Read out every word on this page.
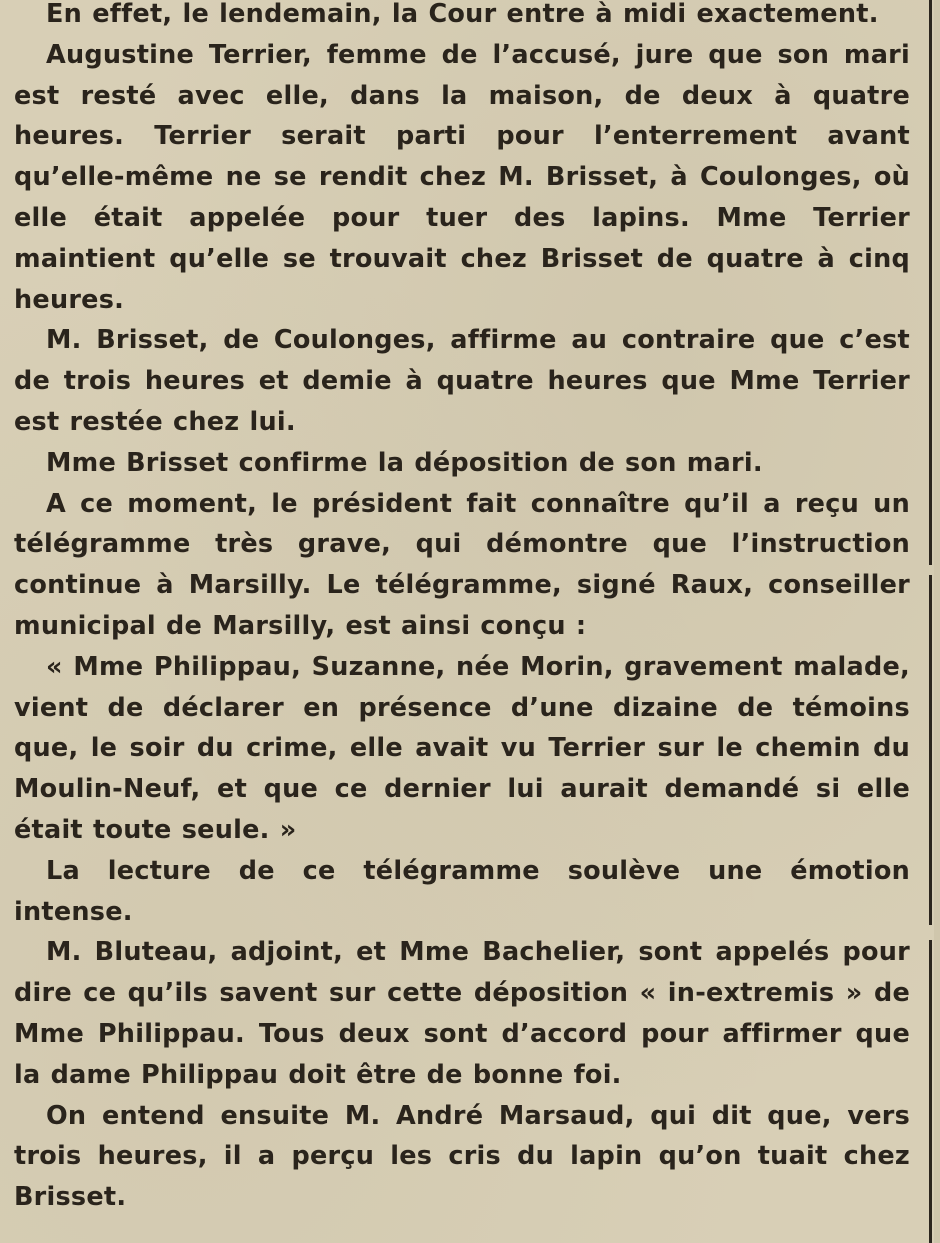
En effet, le lendemain, la Cour entre à midi exactement.

Augustine Terrier, femme de l’accusé, jure que son mari est resté avec elle, dans la maison, de deux à quatre heures. Terrier serait parti pour l’enterrement avant qu’elle-même ne se rendit chez M. Brisset, à Coulonges, où elle était appelée pour tuer des lapins. Mme Terrier maintient qu’elle se trouvait chez Brisset de quatre à cinq heures.

M. Brisset, de Coulonges, affirme au contraire que c’est de trois heures et demie à quatre heures que Mme Terrier est restée chez lui.

Mme Brisset confirme la déposition de son mari.

A ce moment, le président fait connaître qu’il a reçu un télégramme très grave, qui démontre que l’instruction continue à Marsilly. Le télégramme, signé Raux, conseiller municipal de Marsilly, est ainsi conçu :

« Mme Philippau, Suzanne, née Morin, gravement malade, vient de déclarer en présence d’une dizaine de témoins que, le soir du crime, elle avait vu Terrier sur le chemin du Moulin-Neuf, et que ce dernier lui aurait demandé si elle était toute seule. »

La lecture de ce télégramme soulève une émotion intense.

M. Bluteau, adjoint, et Mme Bachelier, sont appelés pour dire ce qu’ils savent sur cette déposition « in-extremis » de Mme Philippau. Tous deux sont d’accord pour affirmer que la dame Philippau doit être de bonne foi.

On entend ensuite M. André Marsaud, qui dit que, vers trois heures, il a perçu les cris du lapin qu’on tuait chez Brisset.
